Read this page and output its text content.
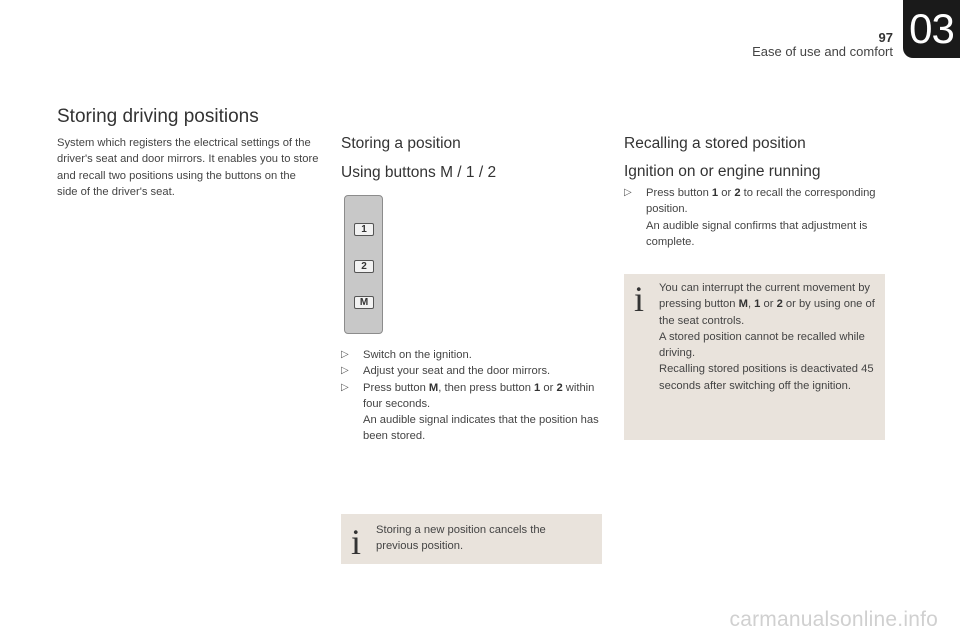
97
Ease of use and comfort 03
Storing driving positions
System which registers the electrical settings of the driver's seat and door mirrors. It enables you to store and recall two positions using the buttons on the side of the driver's seat.
Storing a position
Using buttons M / 1 / 2
1
2
M
▷ Switch on the ignition.
▷ Adjust your seat and the door mirrors.
▷ Press button M, then press button 1 or 2 within four seconds.
An audible signal indicates that the position has been stored.
i Storing a new position cancels the previous position.
Recalling a stored position
Ignition on or engine running
▷ Press button 1 or 2 to recall the corresponding position.
An audible signal confirms that adjustment is complete.
i You can interrupt the current movement by pressing button M, 1 or 2 or by using one of the seat controls.
A stored position cannot be recalled while driving.
Recalling stored positions is deactivated 45 seconds after switching off the ignition.
carmanualsonline.info
